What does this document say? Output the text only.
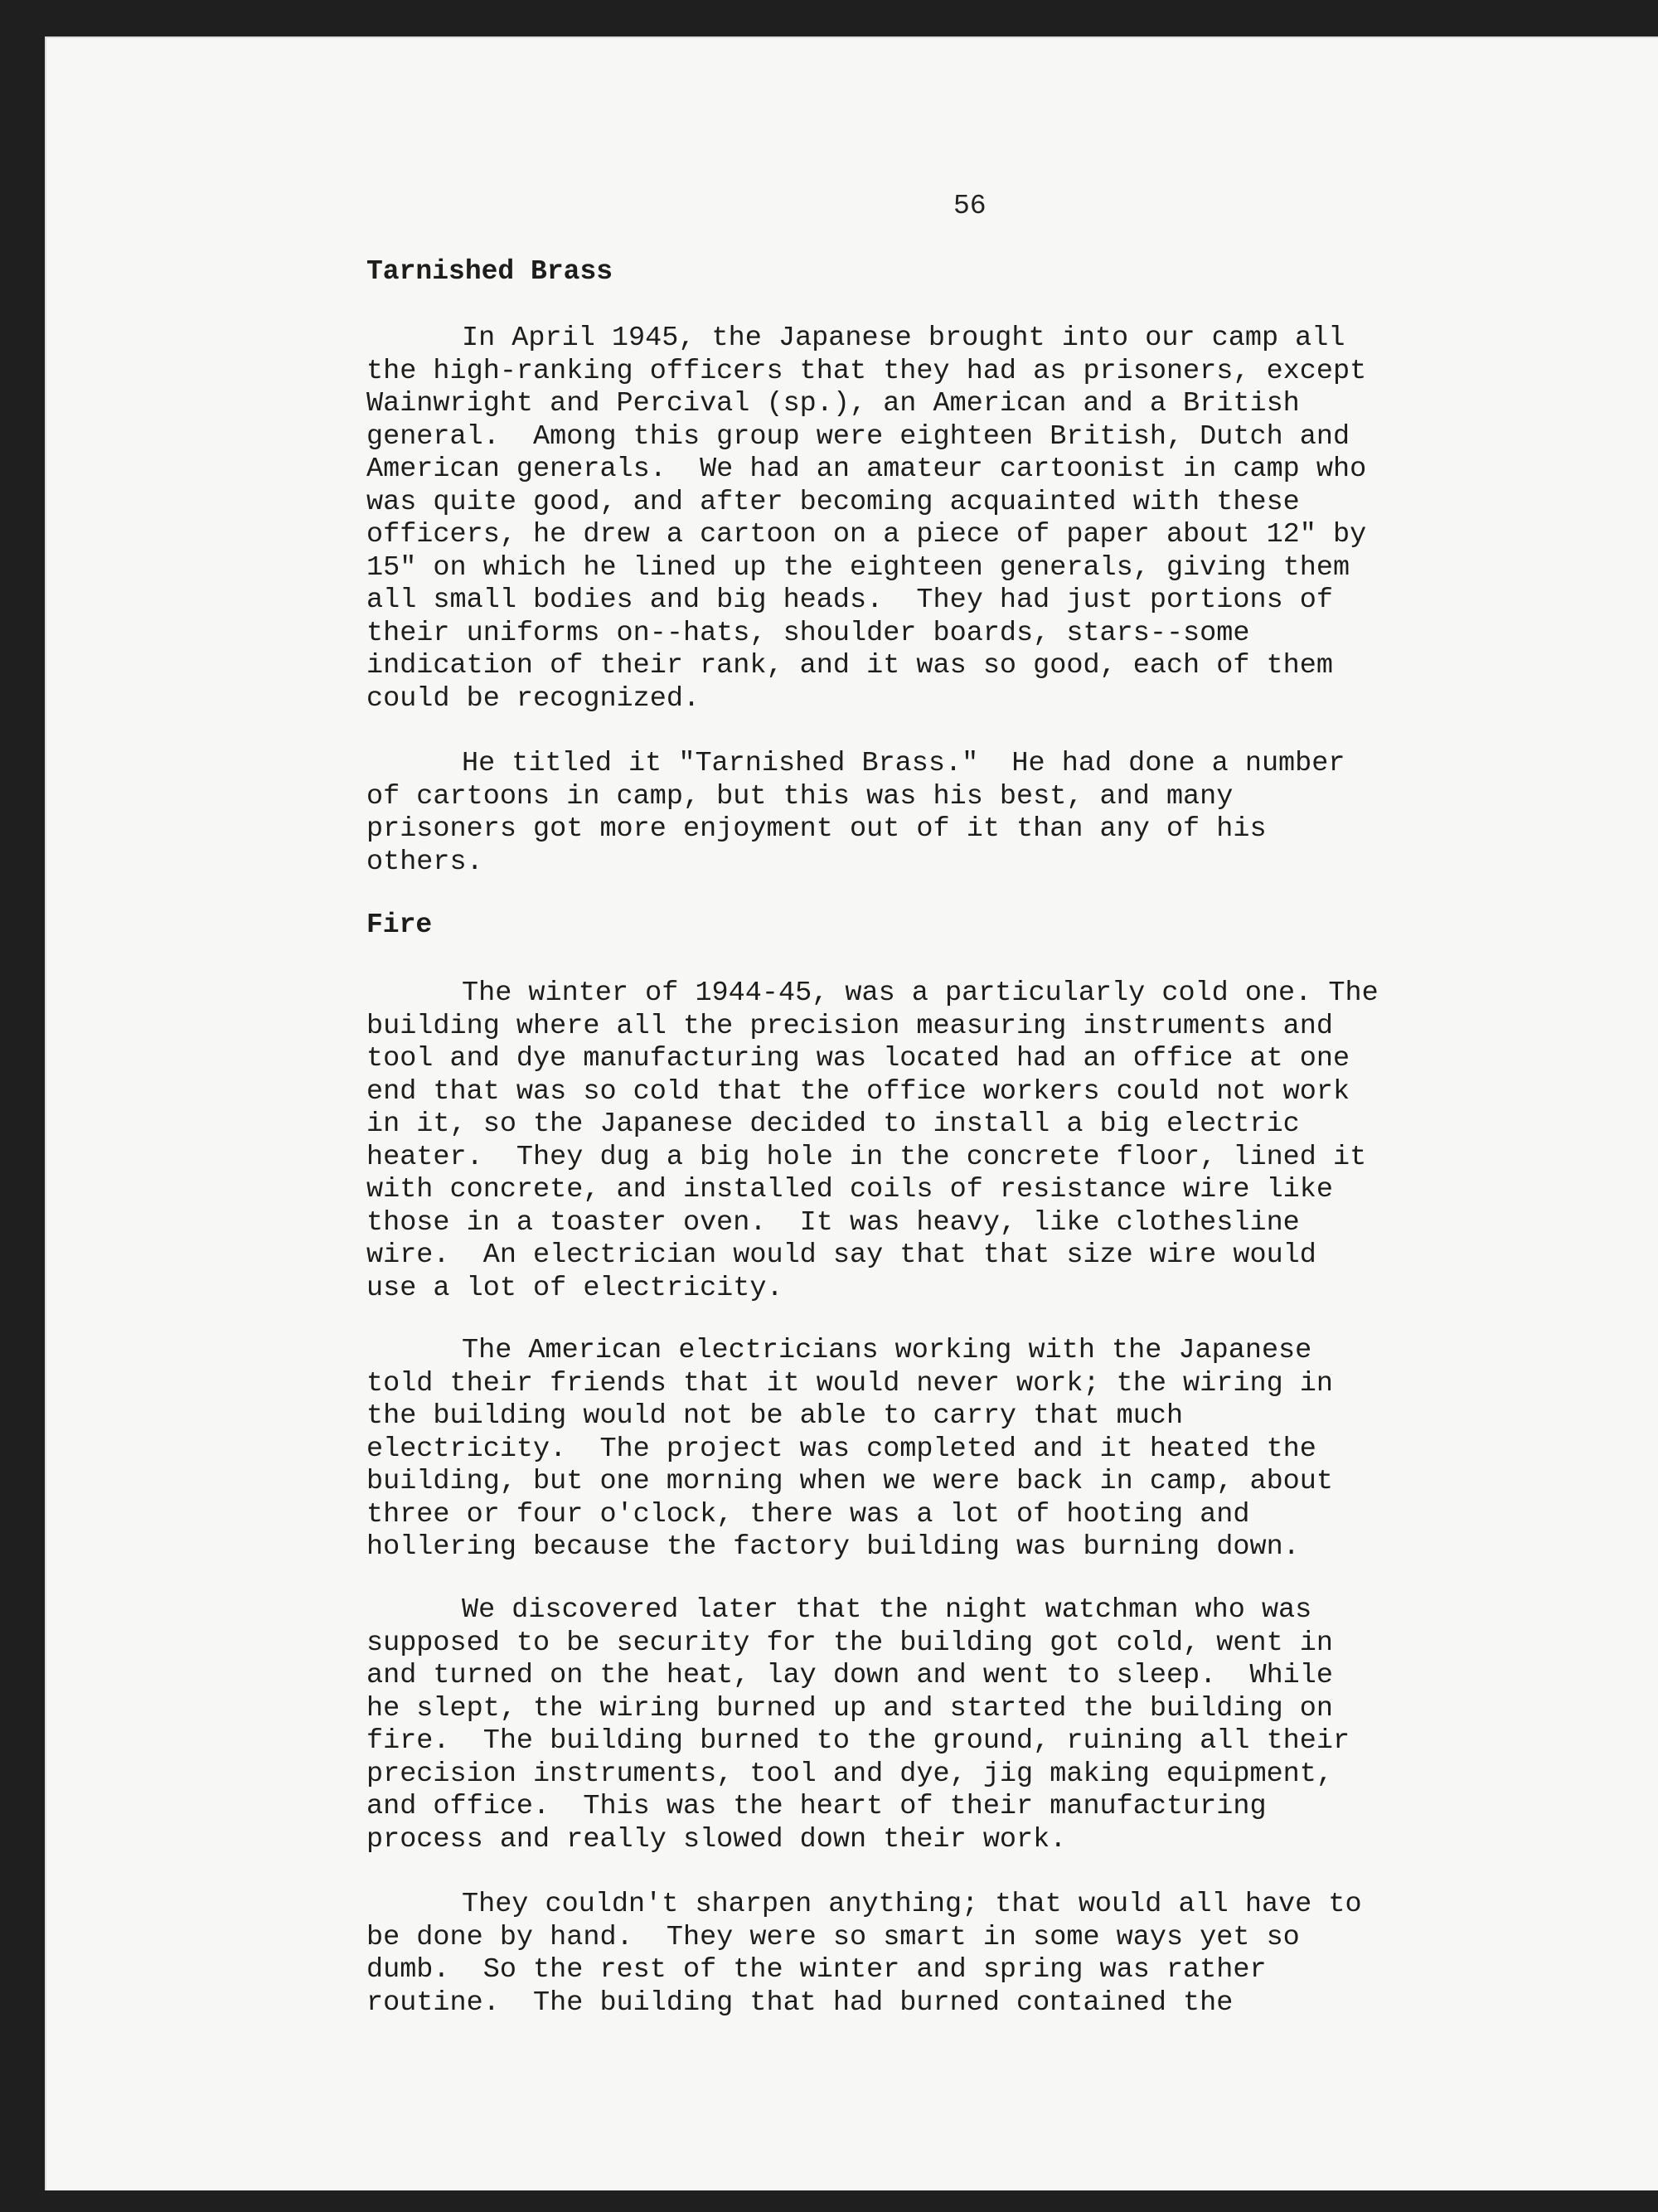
56
Tarnished Brass
In April 1945, the Japanese brought into our camp all
the high-ranking officers that they had as prisoners, except
Wainwright and Percival (sp.), an American and a British
general.  Among this group were eighteen British, Dutch and
American generals.  We had an amateur cartoonist in camp who
was quite good, and after becoming acquainted with these
officers, he drew a cartoon on a piece of paper about 12" by
15" on which he lined up the eighteen generals, giving them
all small bodies and big heads.  They had just portions of
their uniforms on--hats, shoulder boards, stars--some
indication of their rank, and it was so good, each of them
could be recognized.
He titled it "Tarnished Brass."  He had done a number
of cartoons in camp, but this was his best, and many
prisoners got more enjoyment out of it than any of his
others.
Fire
The winter of 1944-45, was a particularly cold one. The
building where all the precision measuring instruments and
tool and dye manufacturing was located had an office at one
end that was so cold that the office workers could not work
in it, so the Japanese decided to install a big electric
heater.  They dug a big hole in the concrete floor, lined it
with concrete, and installed coils of resistance wire like
those in a toaster oven.  It was heavy, like clothesline
wire.  An electrician would say that that size wire would
use a lot of electricity.
The American electricians working with the Japanese
told their friends that it would never work; the wiring in
the building would not be able to carry that much
electricity.  The project was completed and it heated the
building, but one morning when we were back in camp, about
three or four o'clock, there was a lot of hooting and
hollering because the factory building was burning down.
We discovered later that the night watchman who was
supposed to be security for the building got cold, went in
and turned on the heat, lay down and went to sleep.  While
he slept, the wiring burned up and started the building on
fire.  The building burned to the ground, ruining all their
precision instruments, tool and dye, jig making equipment,
and office.  This was the heart of their manufacturing
process and really slowed down their work.
They couldn't sharpen anything; that would all have to
be done by hand.  They were so smart in some ways yet so
dumb.  So the rest of the winter and spring was rather
routine.  The building that had burned contained the
